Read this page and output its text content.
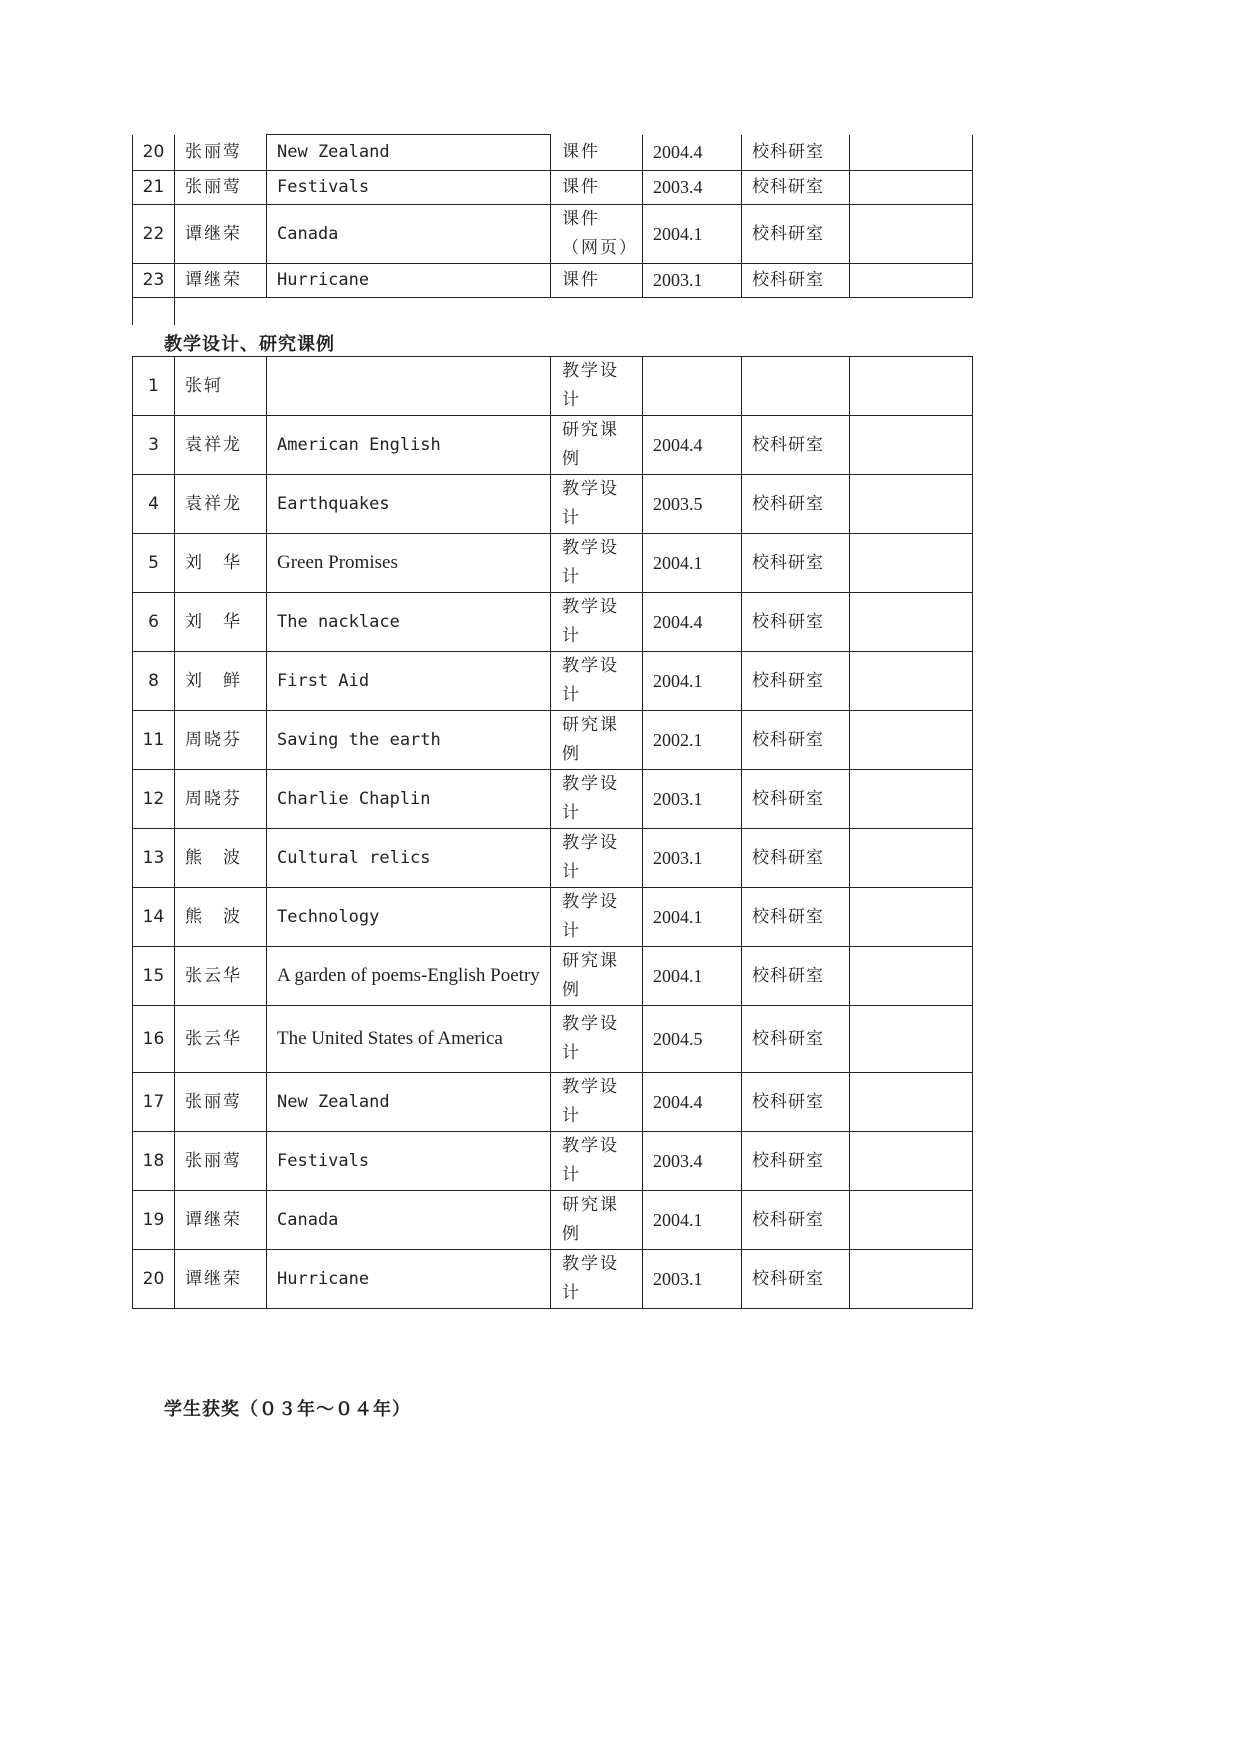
20	张丽莺	New Zealand	课件	2004.4	校科研室	
21	张丽莺	Festivals	课件	2003.4	校科研室	
22	谭继荣	Canada	课件（网页）	2004.1	校科研室	
23	谭继荣	Hurricane	课件	2003.1	校科研室	
教学设计、研究课例
1	张轲		教学设计			
3	袁祥龙	American English	研究课例	2004.4	校科研室	
4	袁祥龙	Earthquakes	教学设计	2003.5	校科研室	
5	刘　华	Green Promises	教学设计	2004.1	校科研室	
6	刘　华	The nacklace	教学设计	2004.4	校科研室	
8	刘　鲜	First Aid	教学设计	2004.1	校科研室	
11	周晓芬	Saving the earth	研究课例	2002.1	校科研室	
12	周晓芬	Charlie Chaplin	教学设计	2003.1	校科研室	
13	熊　波	Cultural relics	教学设计	2003.1	校科研室	
14	熊　波	Technology	教学设计	2004.1	校科研室	
15	张云华	A garden of poems-English Poetry	研究课例	2004.1	校科研室	
16	张云华	The United States of America	教学设计	2004.5	校科研室	
17	张丽莺	New Zealand	教学设计	2004.4	校科研室	
18	张丽莺	Festivals	教学设计	2003.4	校科研室	
19	谭继荣	Canada	研究课例	2004.1	校科研室	
20	谭继荣	Hurricane	教学设计	2003.1	校科研室	
学生获奖（０３年～０４年）
